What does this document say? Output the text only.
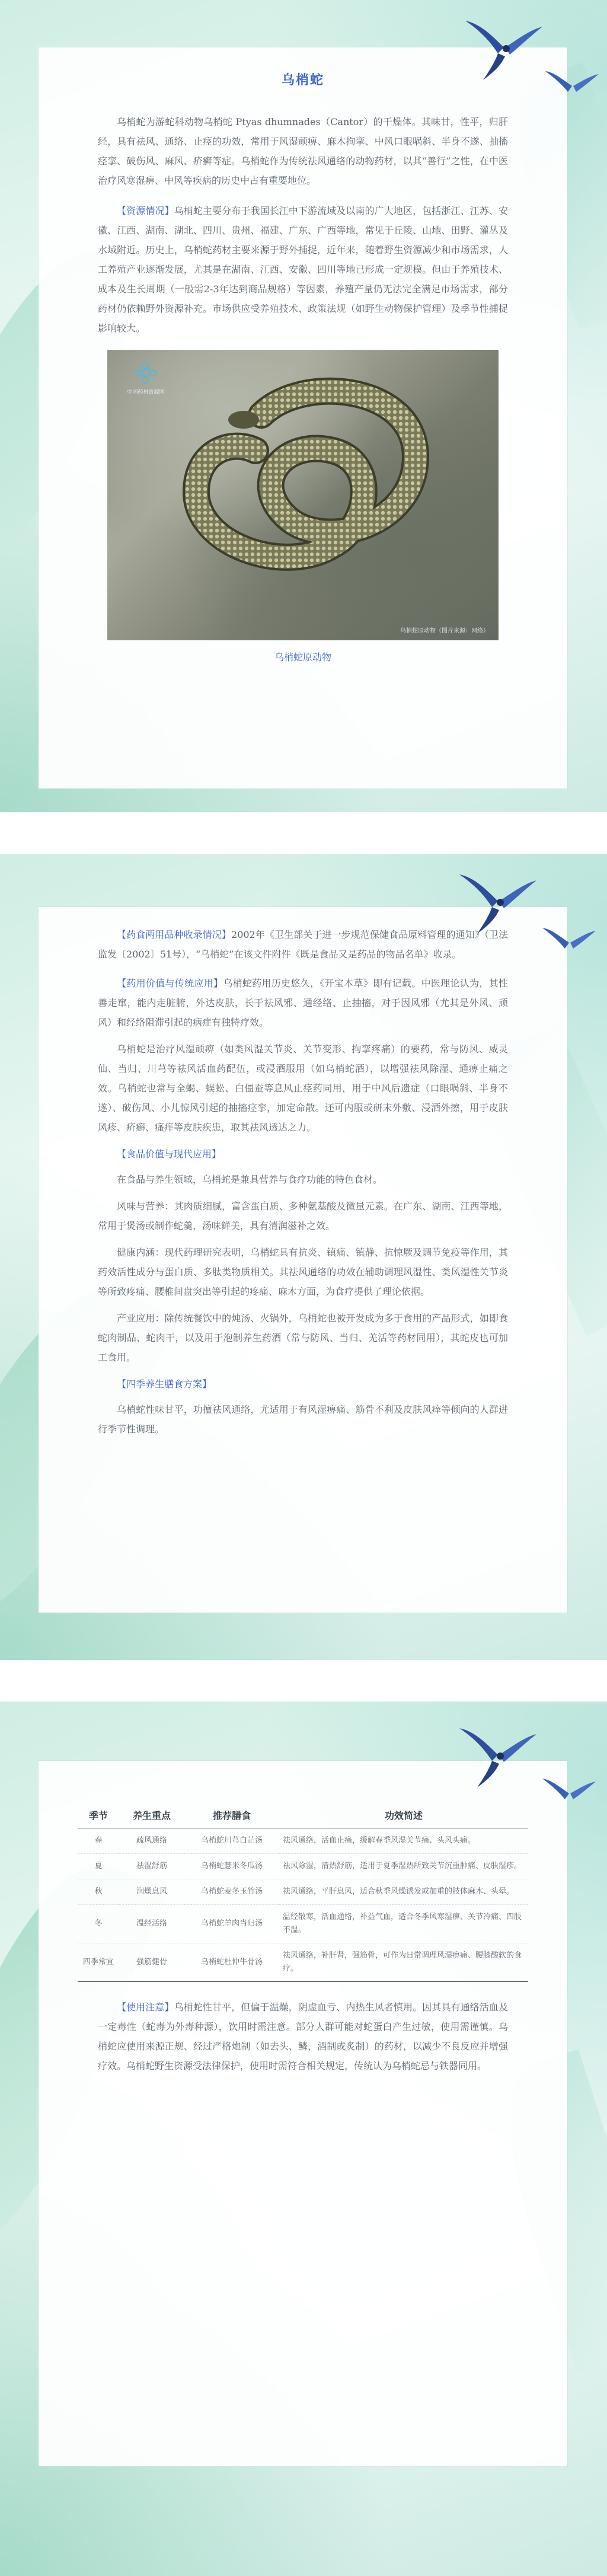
乌梢蛇

乌梢蛇为游蛇科动物乌梢蛇 Ptyas dhumnades（Cantor）的干燥体。其味甘，性平，归肝经，具有祛风、通络、止痉的功效，常用于风湿顽痹、麻木拘挛、中风口眼㖞斜、半身不遂、抽搐痉挛、破伤风、麻风、疥癣等症。乌梢蛇作为传统祛风通络的动物药材，以其“善行”之性，在中医治疗风寒湿痹、中风等疾病的历史中占有重要地位。

【资源情况】乌梢蛇主要分布于我国长江中下游流域及以南的广大地区，包括浙江、江苏、安徽、江西、湖南、湖北、四川、贵州、福建、广东、广西等地，常见于丘陵、山地、田野、灌丛及水域附近。历史上，乌梢蛇药材主要来源于野外捕捉，近年来，随着野生资源减少和市场需求，人工养殖产业逐渐发展，尤其是在湖南、江西、安徽、四川等地已形成一定规模。但由于养殖技术、成本及生长周期（一般需2-3年达到商品规格）等因素，养殖产量仍无法完全满足市场需求，部分药材仍依赖野外资源补充。市场供应受养殖技术、政策法规（如野生动物保护管理）及季节性捕捉影响较大。

中国药材资源网
乌梢蛇原动物（图片来源：网络）
乌梢蛇原动物

【药食两用品种收录情况】2002年《卫生部关于进一步规范保健食品原料管理的通知》（卫法监发〔2002〕51号），“乌梢蛇”在该文件附件《既是食品又是药品的物品名单》收录。

【药用价值与传统应用】乌梢蛇药用历史悠久，《开宝本草》即有记载。中医理论认为，其性善走窜，能内走脏腑，外达皮肤，长于祛风邪、通经络、止抽搐，对于因风邪（尤其是外风、顽风）和经络阻滞引起的病症有独特疗效。

乌梢蛇是治疗风湿顽痹（如类风湿关节炎、关节变形、拘挛疼痛）的要药，常与防风、威灵仙、当归、川芎等祛风活血药配伍，或浸酒服用（如乌梢蛇酒），以增强祛风除湿、通痹止痛之效。乌梢蛇也常与全蝎、蜈蚣、白僵蚕等息风止痉药同用，用于中风后遗症（口眼㖞斜、半身不遂）、破伤风、小儿惊风引起的抽搐痉挛，加定命散。还可内服或研末外敷、浸酒外擦，用于皮肤风疹、疥癣、瘙痒等皮肤疾患，取其祛风透达之力。

【食品价值与现代应用】

在食品与养生领域，乌梢蛇是兼具营养与食疗功能的特色食材。

风味与营养：其肉质细腻，富含蛋白质、多种氨基酸及微量元素。在广东、湖南、江西等地，常用于煲汤或制作蛇羹，汤味鲜美，具有清润滋补之效。

健康内涵：现代药理研究表明，乌梢蛇具有抗炎、镇痛、镇静、抗惊厥及调节免疫等作用，其药效活性成分与蛋白质、多肽类物质相关。其祛风通络的功效在辅助调理风湿性、类风湿性关节炎等所致疼痛、腰椎间盘突出等引起的疼痛、麻木方面，为食疗提供了理论依据。

产业应用：除传统餐饮中的炖汤、火锅外，乌梢蛇也被开发成为多于食用的产品形式，如即食蛇肉制品、蛇肉干，以及用于泡制养生药酒（常与防风、当归、羌活等药材同用），其蛇皮也可加工食用。

【四季养生膳食方案】

乌梢蛇性味甘平，功擅祛风通络，尤适用于有风湿痹痛、筋骨不利及皮肤风痒等倾向的人群进行季节性调理。

季节	养生重点	推荐膳食	功效简述
春	疏风通络	乌梢蛇川芎白芷汤	祛风通络，活血止痛，缓解春季风湿关节痛、头风头痛。
夏	祛湿舒筋	乌梢蛇薏米冬瓜汤	祛风除湿，清热舒筋，适用于夏季湿热所致关节沉重肿痛、皮肤湿疹。
秋	润燥息风	乌梢蛇麦冬玉竹汤	祛风通络，平肝息风，适合秋季风燥诱发或加重的肢体麻木、头晕。
冬	温经活络	乌梢蛇羊肉当归汤	温经散寒，活血通络，补益气血，适合冬季风寒湿痹、关节冷痛、四肢不温。
四季常宜	强筋健骨	乌梢蛇杜仲牛骨汤	祛风通络，补肝肾，强筋骨，可作为日常调理风湿痹痛、腰膝酸软的食疗。

【使用注意】乌梢蛇性甘平，但偏于温燥，阴虚血亏、内热生风者慎用。因其具有通络活血及一定毒性（蛇毒为外毒种源），饮用时需注意。部分人群可能对蛇蛋白产生过敏，使用需谨慎。乌梢蛇应使用来源正规、经过严格炮制（如去头、鳞，酒制或炙制）的药材，以减少不良反应并增强疗效。乌梢蛇野生资源受法律保护，使用时需符合相关规定，传统认为乌梢蛇忌与铁器同用。
